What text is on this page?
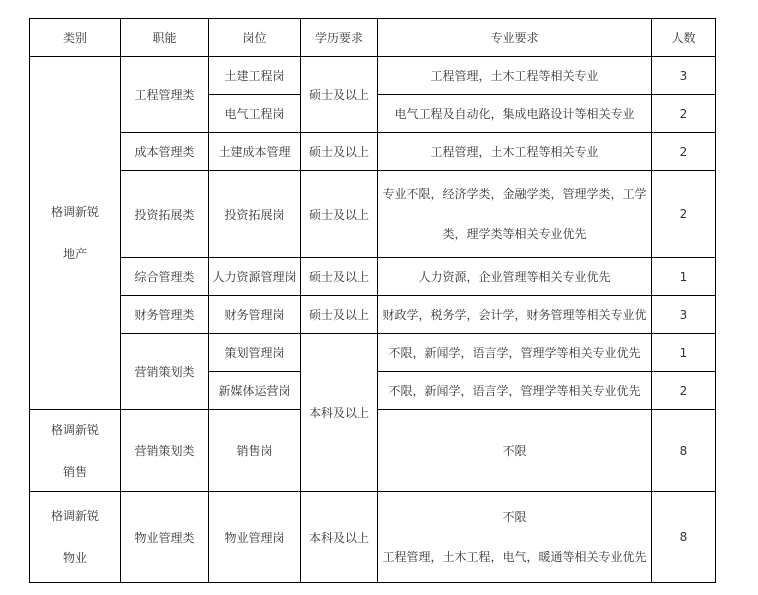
类别	职能	岗位	学历要求	专业要求	人数

格调新锐
地产	工程管理类	土建工程岗	硕士及以上	工程管理，土木工程等相关专业	3
		电气工程岗		电气工程及自动化，集成电路设计等相关专业	2
	成本管理类	土建成本管理	硕士及以上	工程管理，土木工程等相关专业	2
	投资拓展类	投资拓展岗	硕士及以上	专业不限，经济学类，金融学类，管理学类，工学
类，理学类等相关专业优先	2
	综合管理类	人力资源管理岗	硕士及以上	人力资源，企业管理等相关专业优先	1
	财务管理类	财务管理岗	硕士及以上	财政学，税务学，会计学，财务管理等相关专业优	3
	营销策划类	策划管理岗	本科及以上	不限，新闻学，语言学，管理学等相关专业优先	1
		新媒体运营岗		不限，新闻学，语言学，管理学等相关专业优先	2

格调新锐
销售	营销策划类	销售岗		不限	8

格调新锐
物业	物业管理类	物业管理岗	本科及以上	不限
工程管理，土木工程，电气，暖通等相关专业优先	8
